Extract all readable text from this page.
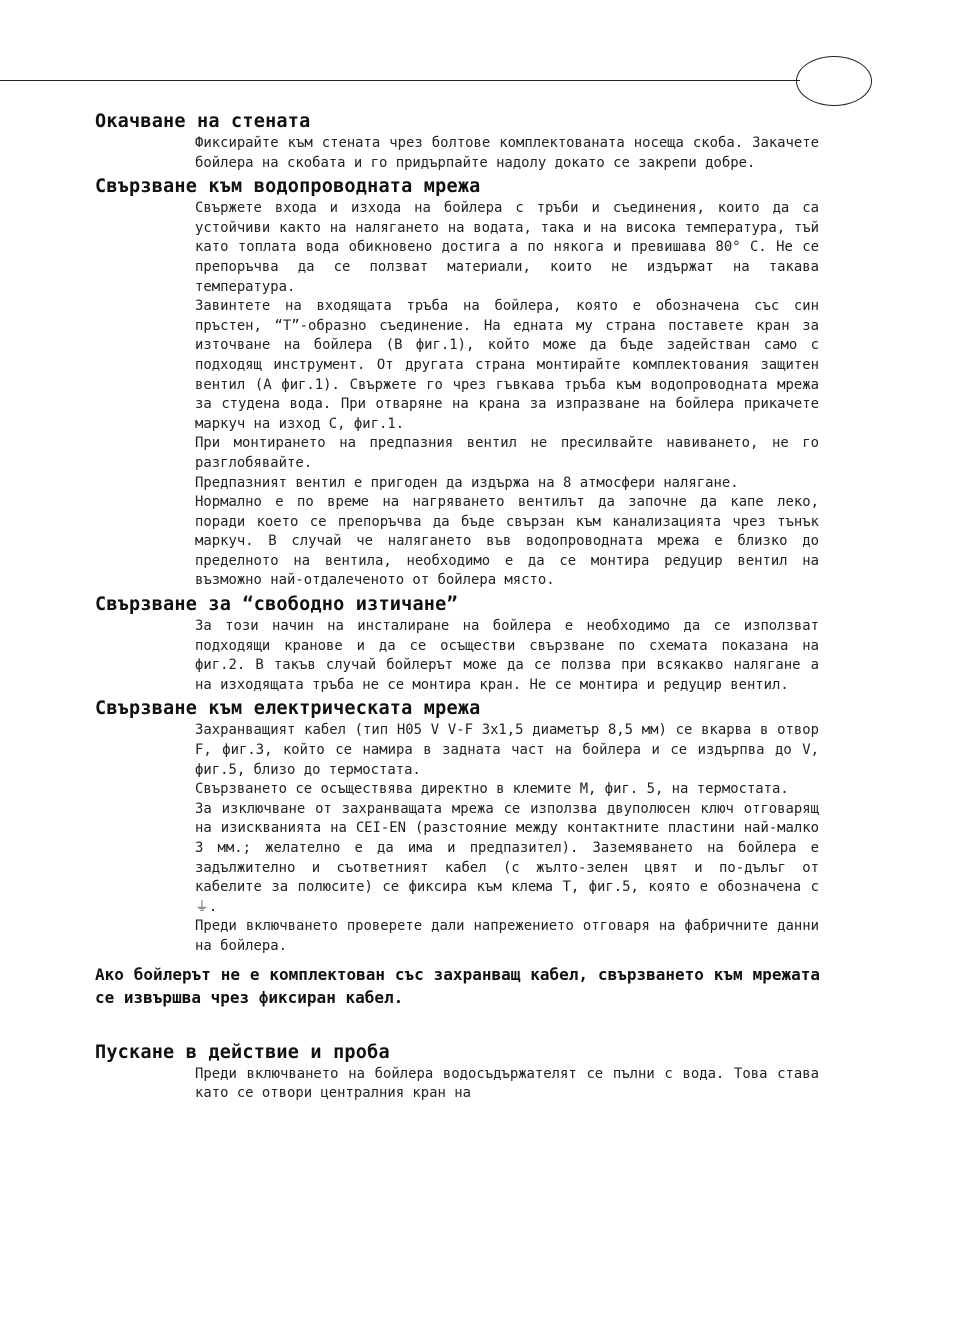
Окачване на стената

Фиксирайте към стената чрез болтове комплектованата носеща скоба. Закачете бойлера на скобата и го придърпайте надолу докато се закрепи добре.

Свързване към водопроводната мрежа

Свържете входа и изхода на бойлера с тръби и съединения, които да са устойчиви както на налягането на водата, така и на висока температура, тъй като топлата вода обикновено достига а по някога и превишава 80° С. Не се препоръчва да се ползват материали, които не издържат на такава температура.

Завинтете на входящата тръба на бойлера, която е обозначена със син пръстен, “Т”-образно съединение. На едната му страна поставете кран за източване на бойлера (В фиг.1), който може да бъде задействан само с подходящ инструмент. От другата страна монтирайте комплектования защитен вентил (А фиг.1). Свържете го чрез гъвкава тръба към водопроводната мрежа за студена вода. При отваряне на крана за изпразване на бойлера прикачете маркуч на изход С, фиг.1.

При монтирането на предпазния вентил не пресилвайте навиването, не го разглобявайте.

Предпазният вентил е пригоден да издържа на 8 атмосфери налягане.

Нормално е по време на нагряването вентилът да започне да капе леко, поради което се препоръчва да бъде свързан към канализацията чрез тънък маркуч. В случай че налягането във водопроводната мрежа е близко до пределното на вентила, необходимо е да се монтира редуцир вентил на възможно най-отдалеченото от бойлера място.

Свързване за “свободно изтичане”

За този начин на инсталиране на бойлера е необходимо да се използват подходящи кранове и да се осъществи свързване по схемата показана на фиг.2. В такъв случай бойлерът може да се ползва при всякакво налягане а на изходящата тръба не се монтира кран. Не се монтира и редуцир вентил.

Свързване към електрическата мрежа

Захранващият кабел (тип H05 V V-F 3x1,5 диаметър 8,5 мм) се вкарва в отвор F, фиг.3, който се намира в задната част на бойлера и се издърпва до V, фиг.5, близо до термостата.

Свързването се осъществява директно в клемите М, фиг. 5, на термостата.

За изключване от захранващата мрежа се използва двуполюсен ключ отговарящ на изискванията на CEI-EN (разстояние между контактните пластини най-малко 3 мм.; желателно е да има и предпазител). Заземяването на бойлера е задължително и съответният кабел (с жълто-зелен цвят и по-дълъг от кабелите за полюсите) се фиксира към клема Т, фиг.5, която е обозначена с ⏚.

Преди включването проверете дали напрежението отговаря на фабричните данни на бойлера.

Ако бойлерът не е комплектован със захранващ кабел, свързването към мрежата се извършва чрез фиксиран кабел.

Пускане в действие и проба

Преди включването на бойлера водосъдържателят се пълни с вода. Това става като се отвори централния кран на
